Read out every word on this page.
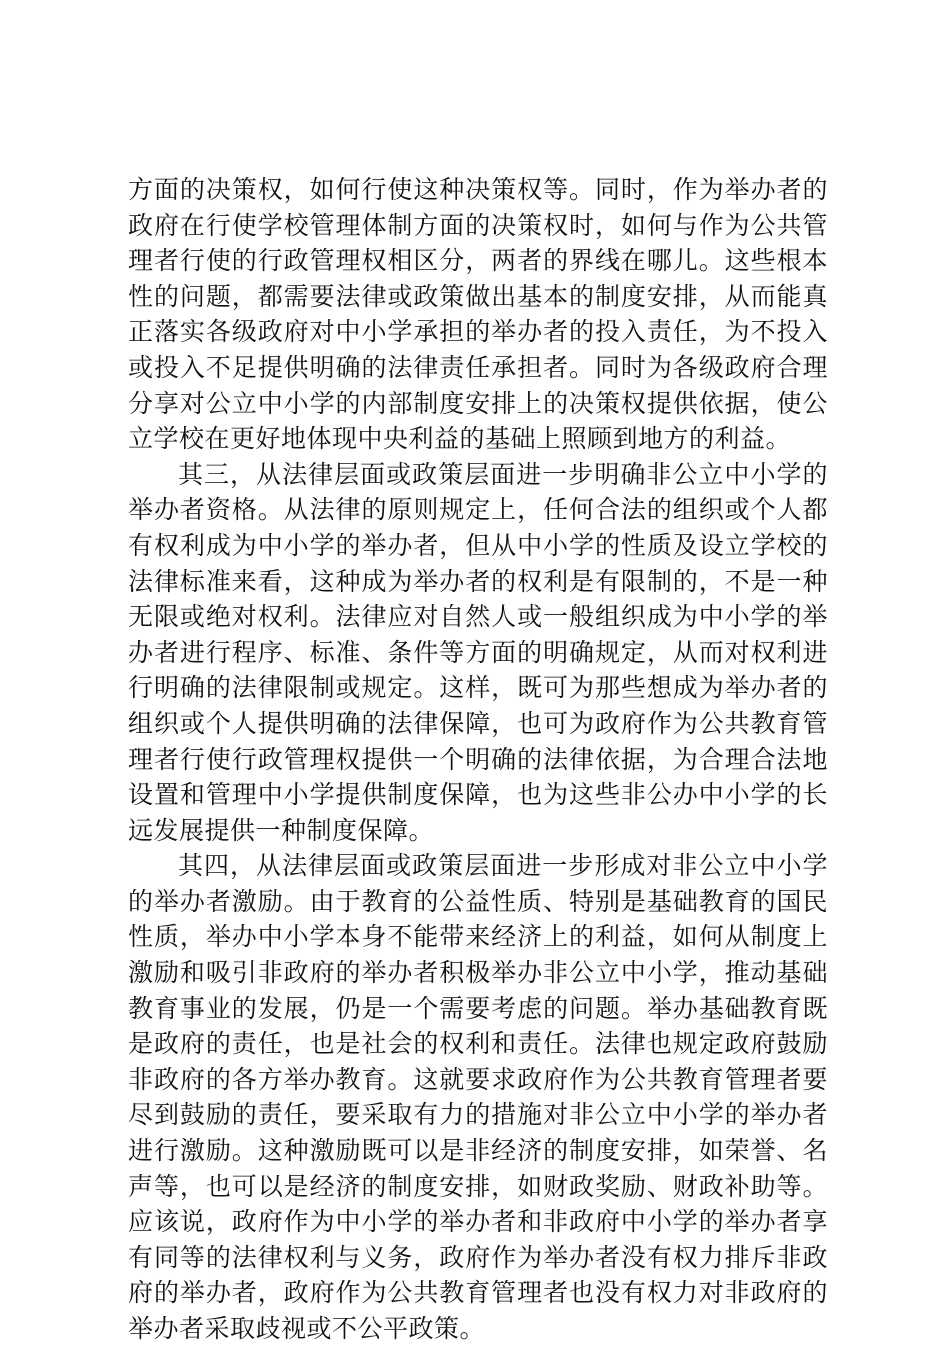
方面的决策权，如何行使这种决策权等。同时，作为举办者的政府在行使学校管理体制方面的决策权时，如何与作为公共管理者行使的行政管理权相区分，两者的界线在哪儿。这些根本性的问题，都需要法律或政策做出基本的制度安排，从而能真正落实各级政府对中小学承担的举办者的投入责任，为不投入或投入不足提供明确的法律责任承担者。同时为各级政府合理分享对公立中小学的内部制度安排上的决策权提供依据，使公立学校在更好地体现中央利益的基础上照顾到地方的利益。

其三，从法律层面或政策层面进一步明确非公立中小学的举办者资格。从法律的原则规定上，任何合法的组织或个人都有权利成为中小学的举办者，但从中小学的性质及设立学校的法律标准来看，这种成为举办者的权利是有限制的，不是一种无限或绝对权利。法律应对自然人或一般组织成为中小学的举办者进行程序、标准、条件等方面的明确规定，从而对权利进行明确的法律限制或规定。这样，既可为那些想成为举办者的组织或个人提供明确的法律保障，也可为政府作为公共教育管理者行使行政管理权提供一个明确的法律依据，为合理合法地设置和管理中小学提供制度保障，也为这些非公办中小学的长远发展提供一种制度保障。

其四，从法律层面或政策层面进一步形成对非公立中小学的举办者激励。由于教育的公益性质、特别是基础教育的国民性质，举办中小学本身不能带来经济上的利益，如何从制度上激励和吸引非政府的举办者积极举办非公立中小学，推动基础教育事业的发展，仍是一个需要考虑的问题。举办基础教育既是政府的责任，也是社会的权利和责任。法律也规定政府鼓励非政府的各方举办教育。这就要求政府作为公共教育管理者要尽到鼓励的责任，要采取有力的措施对非公立中小学的举办者进行激励。这种激励既可以是非经济的制度安排，如荣誉、名声等，也可以是经济的制度安排，如财政奖励、财政补助等。应该说，政府作为中小学的举办者和非政府中小学的举办者享有同等的法律权利与义务，政府作为举办者没有权力排斥非政府的举办者，政府作为公共教育管理者也没有权力对非政府的举办者采取歧视或不公平政策。
